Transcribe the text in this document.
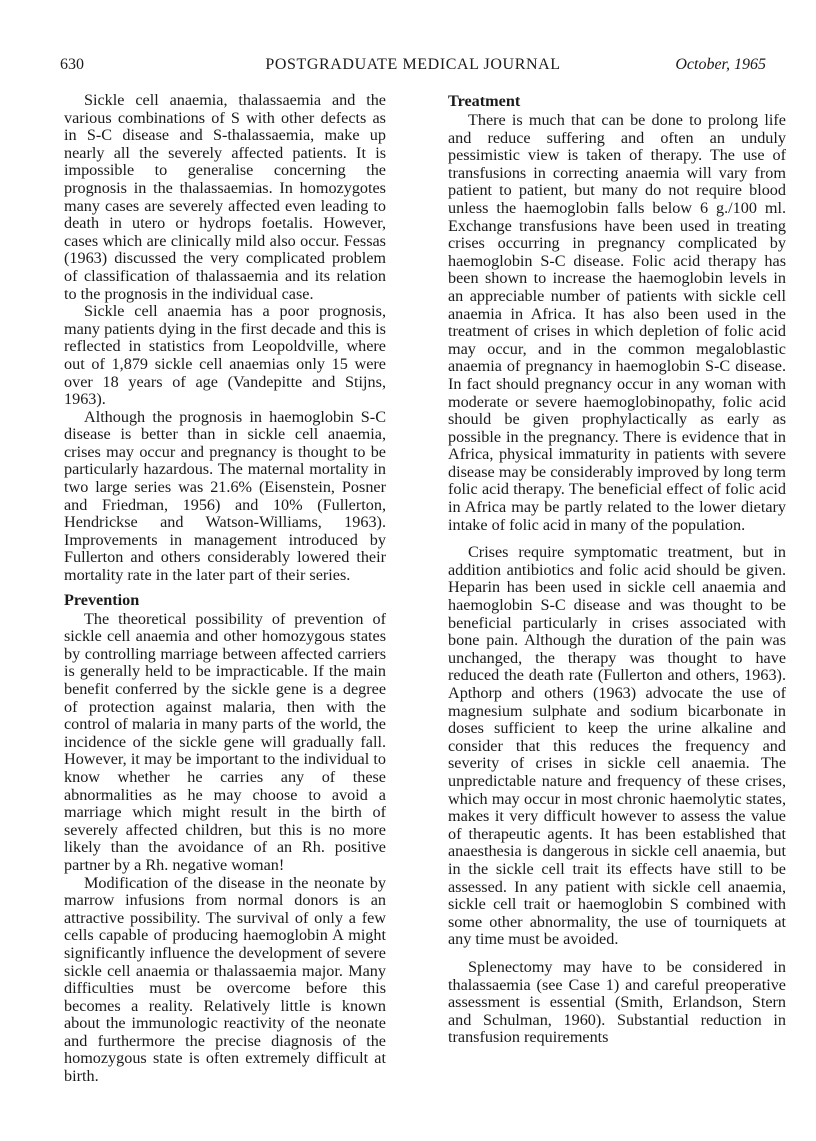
630	POSTGRADUATE MEDICAL JOURNAL	October, 1965

Sickle cell anaemia, thalassaemia and the various combinations of S with other defects as in S-C disease and S-thalassaemia, make up nearly all the severely affected patients. It is impossible to generalise concerning the prognosis in the thalassaemias. In homozygotes many cases are severely affected even leading to death in utero or hydrops foetalis. However, cases which are clinically mild also occur. Fessas (1963) discussed the very complicated problem of classification of thalassaemia and its relation to the prognosis in the individual case.

Sickle cell anaemia has a poor prognosis, many patients dying in the first decade and this is reflected in statistics from Leopoldville, where out of 1,879 sickle cell anaemias only 15 were over 18 years of age (Vandepitte and Stijns, 1963).

Although the prognosis in haemoglobin S-C disease is better than in sickle cell anaemia, crises may occur and pregnancy is thought to be particularly hazardous. The maternal mortality in two large series was 21.6% (Eisenstein, Posner and Friedman, 1956) and 10% (Fullerton, Hendrickse and Watson-Williams, 1963). Improvements in management introduced by Fullerton and others considerably lowered their mortality rate in the later part of their series.

Prevention

The theoretical possibility of prevention of sickle cell anaemia and other homozygous states by controlling marriage between affected carriers is generally held to be impracticable. If the main benefit conferred by the sickle gene is a degree of protection against malaria, then with the control of malaria in many parts of the world, the incidence of the sickle gene will gradually fall. However, it may be important to the individual to know whether he carries any of these abnormalities as he may choose to avoid a marriage which might result in the birth of severely affected children, but this is no more likely than the avoidance of an Rh. positive partner by a Rh. negative woman!

Modification of the disease in the neonate by marrow infusions from normal donors is an attractive possibility. The survival of only a few cells capable of producing haemoglobin A might significantly influence the development of severe sickle cell anaemia or thalassaemia major. Many difficulties must be overcome before this becomes a reality. Relatively little is known about the immunologic reactivity of the neonate and furthermore the precise diagnosis of the homozygous state is often extremely difficult at birth.

Treatment

There is much that can be done to prolong life and reduce suffering and often an unduly pessimistic view is taken of therapy. The use of transfusions in correcting anaemia will vary from patient to patient, but many do not require blood unless the haemoglobin falls below 6 g./100 ml. Exchange transfusions have been used in treating crises occurring in pregnancy complicated by haemoglobin S-C disease. Folic acid therapy has been shown to increase the haemoglobin levels in an appreciable number of patients with sickle cell anaemia in Africa. It has also been used in the treatment of crises in which depletion of folic acid may occur, and in the common megaloblastic anaemia of pregnancy in haemoglobin S-C disease. In fact should pregnancy occur in any woman with moderate or severe haemoglobinopathy, folic acid should be given prophylactically as early as possible in the pregnancy. There is evidence that in Africa, physical immaturity in patients with severe disease may be considerably improved by long term folic acid therapy. The beneficial effect of folic acid in Africa may be partly related to the lower dietary intake of folic acid in many of the population.

Crises require symptomatic treatment, but in addition antibiotics and folic acid should be given. Heparin has been used in sickle cell anaemia and haemoglobin S-C disease and was thought to be beneficial particularly in crises associated with bone pain. Although the duration of the pain was unchanged, the therapy was thought to have reduced the death rate (Fullerton and others, 1963). Apthorp and others (1963) advocate the use of magnesium sulphate and sodium bicarbonate in doses sufficient to keep the urine alkaline and consider that this reduces the frequency and severity of crises in sickle cell anaemia. The unpredictable nature and frequency of these crises, which may occur in most chronic haemolytic states, makes it very difficult however to assess the value of therapeutic agents. It has been established that anaesthesia is dangerous in sickle cell anaemia, but in the sickle cell trait its effects have still to be assessed. In any patient with sickle cell anaemia, sickle cell trait or haemoglobin S combined with some other abnormality, the use of tourniquets at any time must be avoided.

Splenectomy may have to be considered in thalassaemia (see Case 1) and careful preoperative assessment is essential (Smith, Erlandson, Stern and Schulman, 1960). Substantial reduction in transfusion requirements
